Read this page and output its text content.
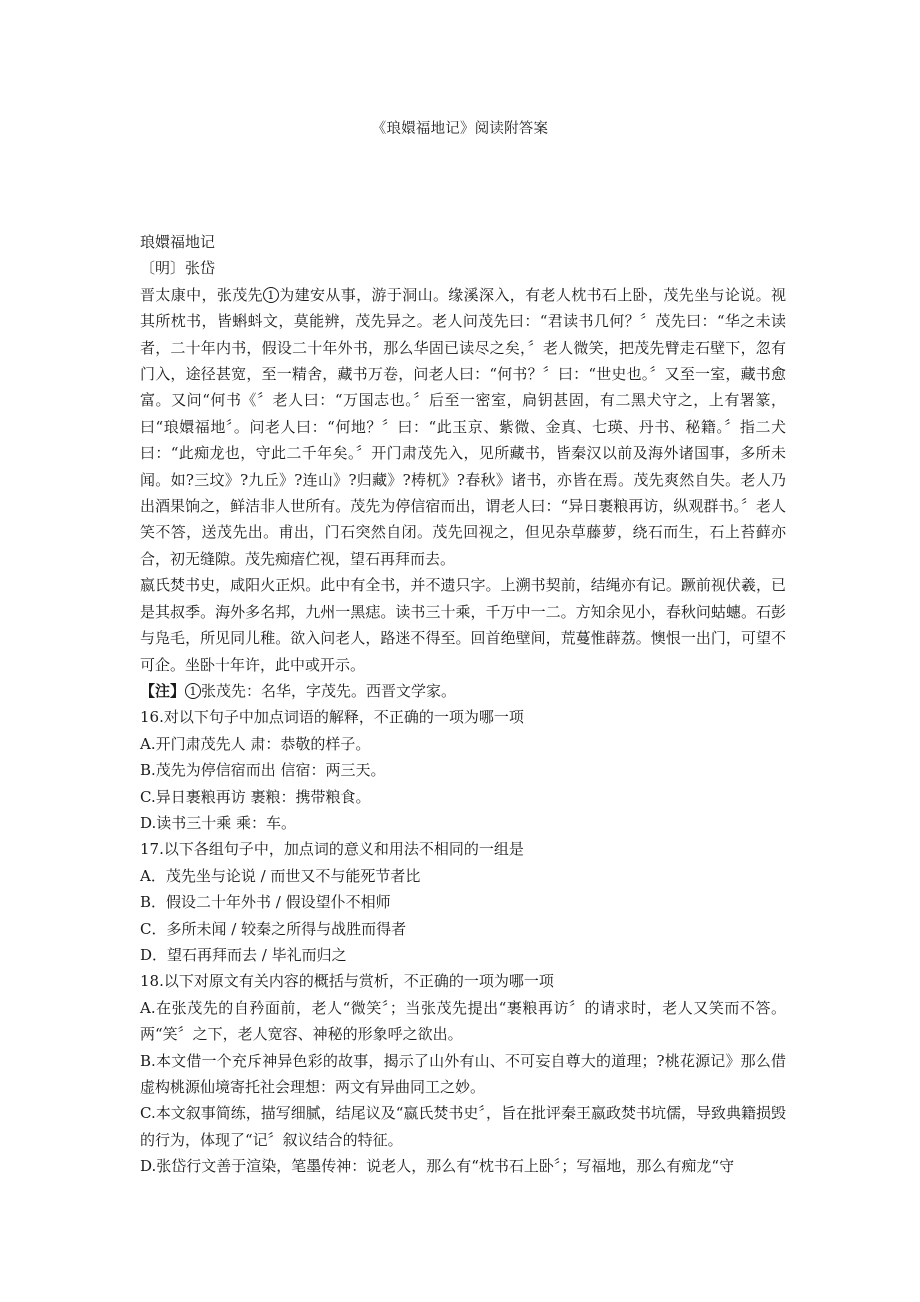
《琅嬛福地记》阅读附答案

琅嬛福地记

〔明〕张岱

晋太康中，张茂先 1 为建安从事，游于洞山。缘溪深入，有老人枕书石上卧，茂先坐与论说。视其所枕书，皆蝌蚪文，莫能辨，茂先异之。老人问茂先曰：“君读书几何？〞茂先曰：“华之未读者，二十年内书，假设二十年外书，那么华固已读尽之矣，〞老人微笑，把茂先臂走石壁下，忽有门入，途径甚宽，至一精舍，藏书万卷，问老人曰：“何书？〞曰：“世史也。〞又至一室，藏书愈富。又问“何书《〞老人曰：“万国志也。〞后至一密室，扃钥甚固，有二黑犬守之，上有署篆，曰“琅嬛福地〞。问老人曰：“何地？〞曰：“此玉京、紫微、金真、七瑛、丹书、秘籍。〞指二犬曰：“此痴龙也，守此二千年矣。〞开门肃茂先入，见所藏书，皆秦汉以前及海外诸国事，多所未闻。如?三坟》?九丘》?连山》?归藏》?梼杌》?春秋》诸书，亦皆在焉。茂先爽然自失。老人乃出酒果饷之，鲜洁非人世所有。茂先为停信宿而出，谓老人曰：“异日裹粮再访，纵观群书。〞老人笑不答，送茂先出。甫出，门石突然自闭。茂先回视之，但见杂草藤萝，绕石而生，石上苔藓亦合，初无缝隙。茂先痴瘖伫视，望石再拜而去。

嬴氏焚书史，咸阳火正炽。此中有全书，并不遗只字。上溯书契前，结绳亦有记。蹶前视伏羲，已是其叔季。海外多名邦，九州一黑痣。读书三十乘，千万中一二。方知余见小，春秋问蛄蟪。石彭与凫毛，所见同儿稚。欲入问老人，路迷不得至。回首绝壁间，荒蔓惟薜荔。懊恨一出门，可望不可企。坐卧十年许，此中或开示。

【注】 1 张茂先：名华，字茂先。西晋文学家。

16.对以下句子中加点词语的解释，不正确的一项为哪一项

A.开门肃茂先人 肃：恭敬的样子。

B.茂先为停信宿而出 信宿：两三天。

C.异日裹粮再访 裹粮：携带粮食。

D.读书三十乘 乘：车。

17.以下各组句子中，加点词的意义和用法不相同的一组是

A．茂先坐与论说 / 而世又不与能死节者比

B．假设二十年外书 / 假设望仆不相师

C．多所未闻 / 较秦之所得与战胜而得者

D．望石再拜而去 / 毕礼而归之

18.以下对原文有关内容的概括与赏析，不正确的一项为哪一项

A.在张茂先的自矜面前，老人“微笑〞；当张茂先提出“裹粮再访〞的请求时，老人又笑而不答。两“笑〞之下，老人宽容、神秘的形象呼之欲出。

B.本文借一个充斥神异色彩的故事，揭示了山外有山、不可妄自尊大的道理；?桃花源记》那么借虚构桃源仙境寄托社会理想：两文有异曲同工之妙。

C.本文叙事简练，描写细腻，结尾议及“嬴氏焚书史〞，旨在批评秦王嬴政焚书坑儒，导致典籍损毁的行为，体现了“记〞叙议结合的特征。

D.张岱行文善于渲染，笔墨传神：说老人，那么有“枕书石上卧〞；写福地，那么有痴龙“守
